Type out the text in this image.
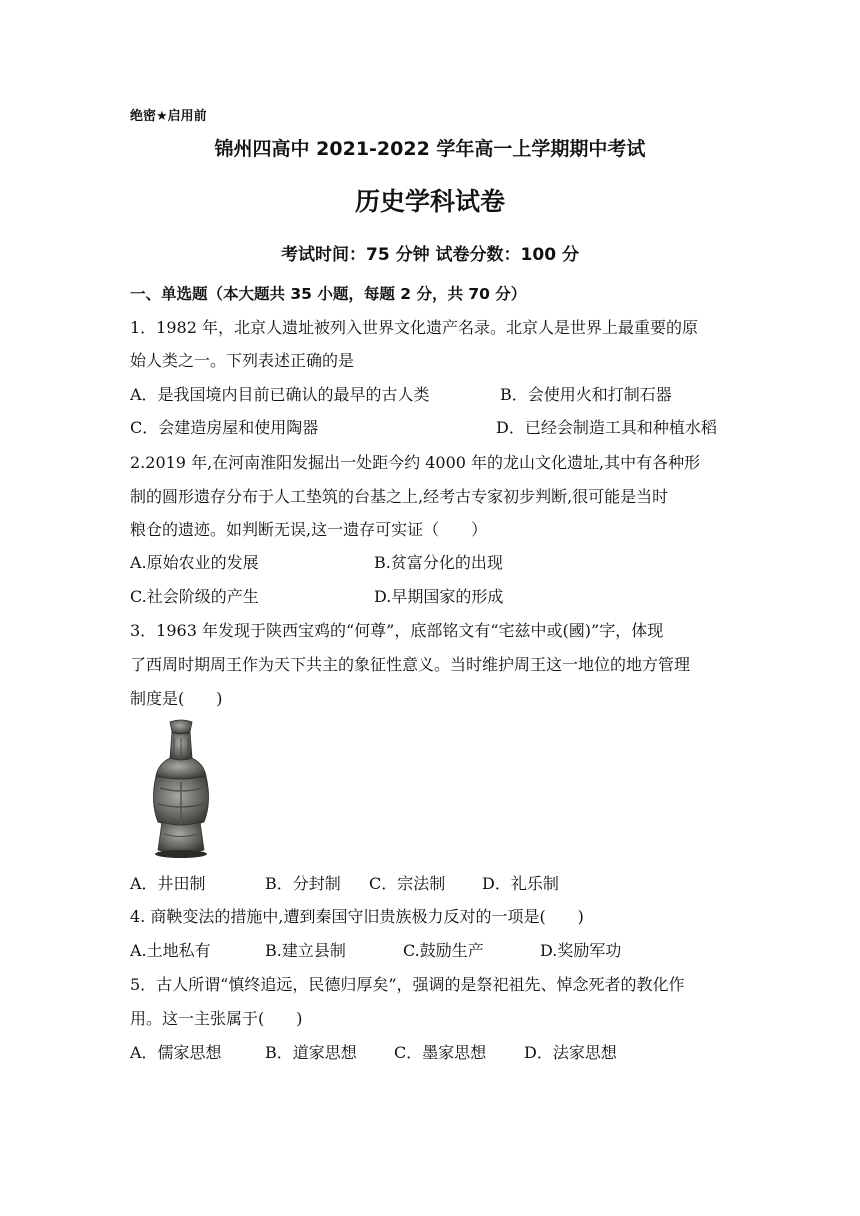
绝密★启用前
锦州四高中 2021-2022 学年高一上学期期中考试
历史学科试卷
考试时间：75 分钟 试卷分数：100 分
一、单选题（本大题共 35 小题，每题 2 分，共 70 分）
1．1982 年，北京人遗址被列入世界文化遗产名录。北京人是世界上最重要的原
始人类之一。下列表述正确的是
A．是我国境内目前已确认的最早的古人类	B．会使用火和打制石器
C．会建造房屋和使用陶器	D．已经会制造工具和种植水稻
2.2019 年,在河南淮阳发掘出一处距今约 4000 年的龙山文化遗址,其中有各种形
制的圆形遗存分布于人工垫筑的台基之上,经考古专家初步判断,很可能是当时
粮仓的遗迹。如判断无误,这一遗存可实证（　　）
A.原始农业的发展	B.贫富分化的出现
C.社会阶级的产生	D.早期国家的形成
3．1963 年发现于陕西宝鸡的“何尊”，底部铭文有“宅兹中或(國)”字，体现
了西周时期周王作为天下共主的象征性意义。当时维护周王这一地位的地方管理
制度是(　　)
A．井田制	B．分封制 C．宗法制 D．礼乐制
4. 商鞅变法的措施中,遭到秦国守旧贵族极力反对的一项是(　　)
A.土地私有	B.建立县制	C.鼓励生产	D.奖励军功
5．古人所谓“慎终追远，民德归厚矣”，强调的是祭祀祖先、悼念死者的教化作
用。这一主张属于(　　)
A．儒家思想	B．道家思想 C．墨家思想 D．法家思想
